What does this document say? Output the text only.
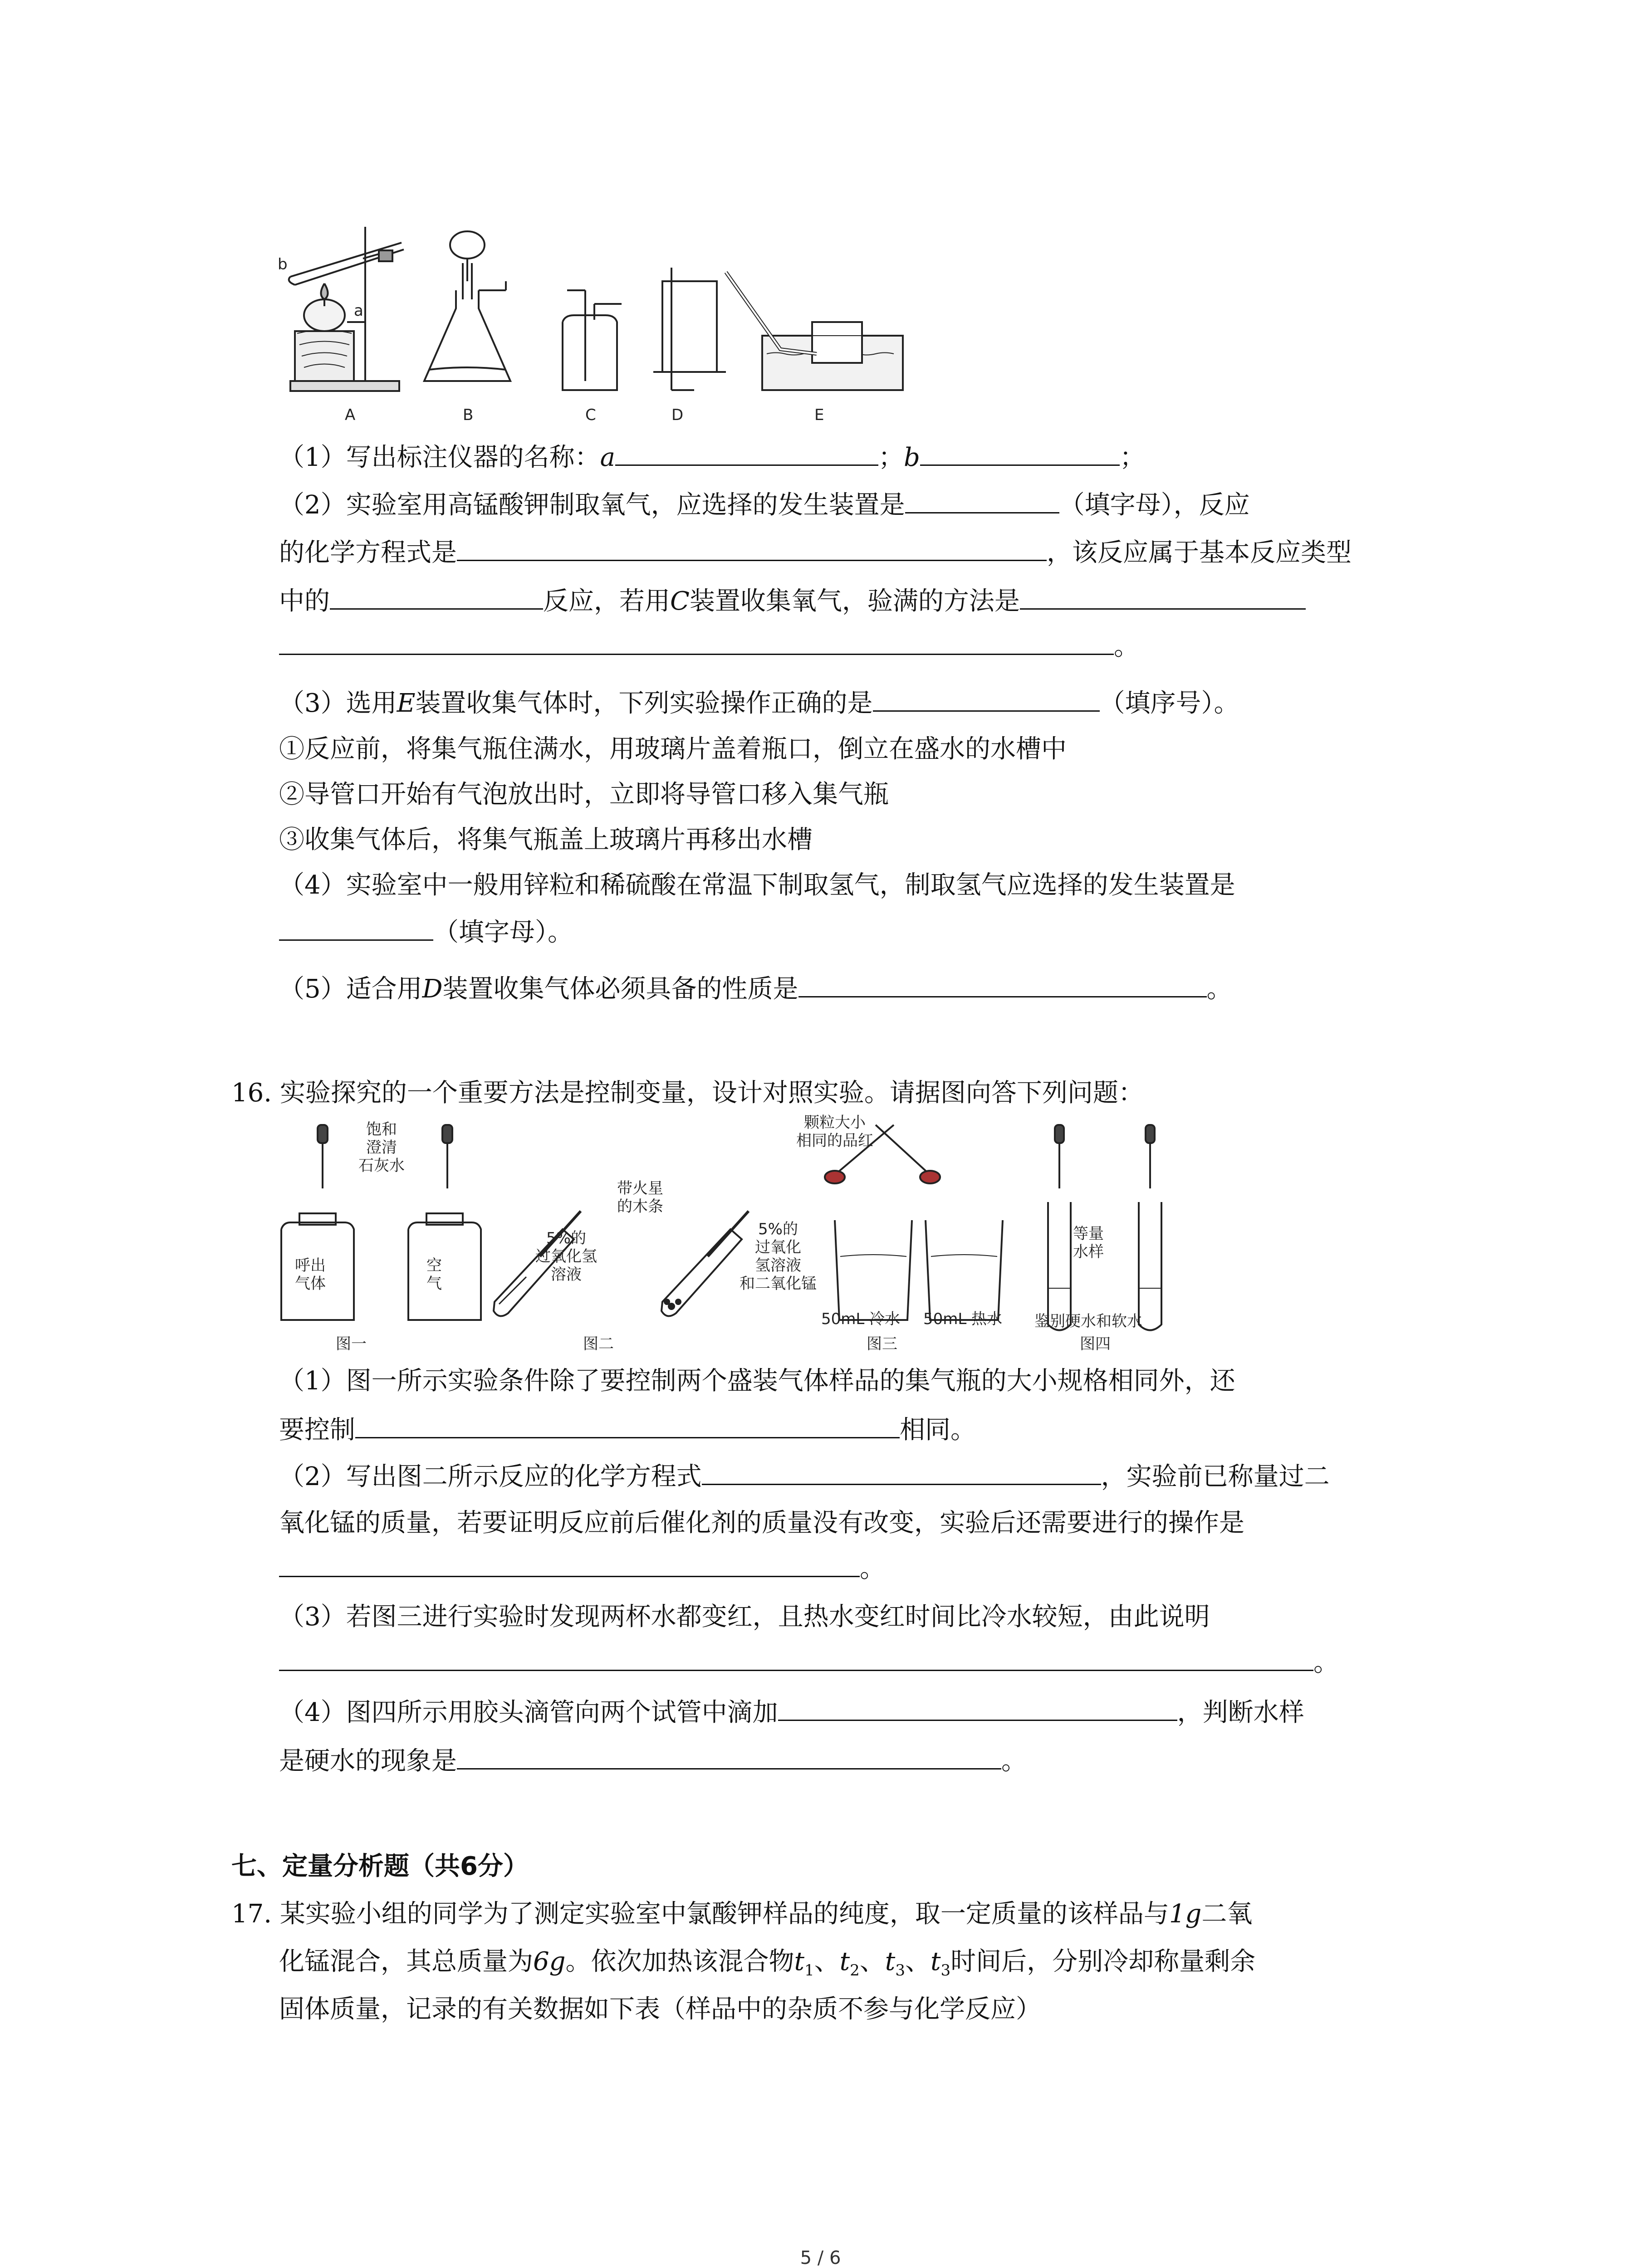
b
a
A	B	C	D	E
（1）写出标注仪器的名称：a	；b	；
（2）实验室用高锰酸钾制取氧气，应选择的发生装置是	（填字母），反应
的化学方程式是	，该反应属于基本反应类型
中的	反应，若用C装置收集氧气，验满的方法是
。
（3）选用E装置收集气体时，下列实验操作正确的是	（填序号）。
①反应前，将集气瓶住满水，用玻璃片盖着瓶口，倒立在盛水的水槽中
②导管口开始有气泡放出时，立即将导管口移入集气瓶
③收集气体后，将集气瓶盖上玻璃片再移出水槽
（4）实验室中一般用锌粒和稀硫酸在常温下制取氢气，制取氢气应选择的发生装置是
（填字母）。
（5）适合用D装置收集气体必须具备的性质是	。
16. 实验探究的一个重要方法是控制变量，设计对照实验。请据图向答下列问题：
饱和
澄清
石灰水
呼出
气体
空
气
图一
带火星
的木条
5%的
过氧化氢
溶液
5%的
过氧化
氢溶液
和二氧化锰
图二
颗粒大小
相同的品红
50mL 冷水 50mL 热水
图三
等量
水样
鉴别硬水和软水
图四
（1）图一所示实验条件除了要控制两个盛装气体样品的集气瓶的大小规格相同外，还
要控制	相同。
（2）写出图二所示反应的化学方程式	，实验前已称量过二
氧化锰的质量，若要证明反应前后催化剂的质量没有改变，实验后还需要进行的操作是
。
（3）若图三进行实验时发现两杯水都变红，且热水变红时间比冷水较短，由此说明
。
（4）图四所示用胶头滴管向两个试管中滴加	，判断水样
是硬水的现象是	。
七、定量分析题（共6分）
17. 某实验小组的同学为了测定实验室中氯酸钾样品的纯度，取一定质量的该样品与1g二氧
化锰混合，其总质量为6g。依次加热该混合物$t_1$、$t_2$、$t_3$、$t_3$时间后，分别冷却称量剩余
固体质量，记录的有关数据如下表（样品中的杂质不参与化学反应）
5 / 6
